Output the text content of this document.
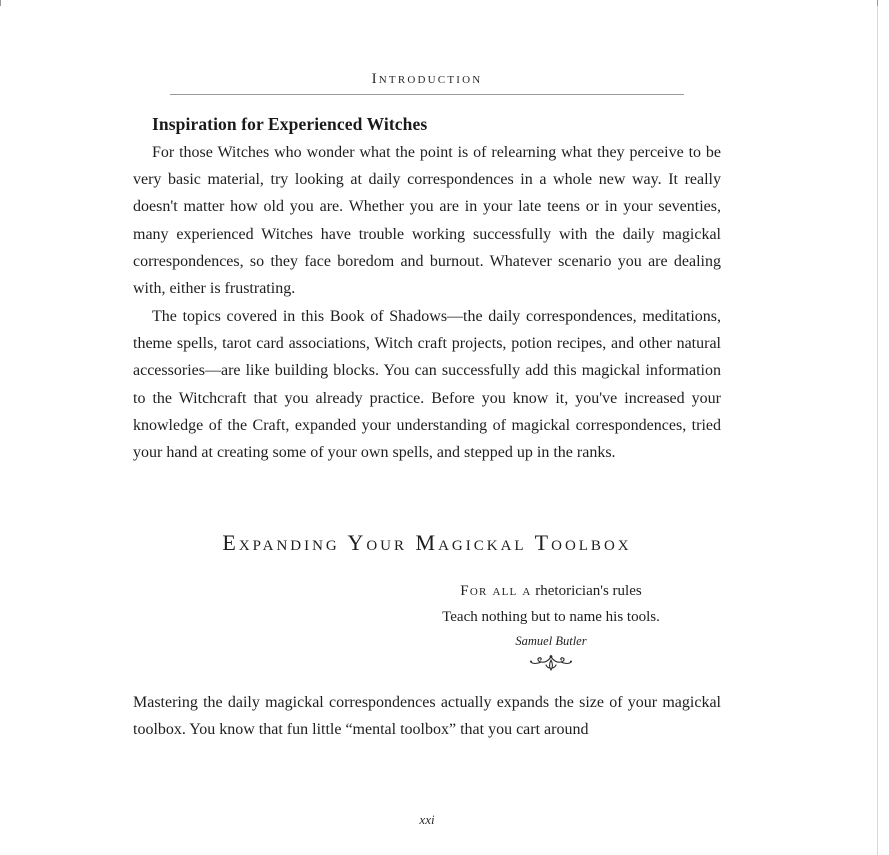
Introduction
Inspiration for Experienced Witches

For those Witches who wonder what the point is of relearning what they perceive to be very basic material, try looking at daily correspondences in a whole new way. It really doesn't matter how old you are. Whether you are in your late teens or in your seventies, many experienced Witches have trouble working successfully with the daily magickal correspondences, so they face boredom and burnout. Whatever scenario you are dealing with, either is frustrating.

The topics covered in this Book of Shadows—the daily correspondences, meditations, theme spells, tarot card associations, Witch craft projects, potion recipes, and other natural accessories—are like building blocks. You can successfully add this magickal information to the Witchcraft that you already practice. Before you know it, you've increased your knowledge of the Craft, expanded your understanding of magickal correspondences, tried your hand at creating some of your own spells, and stepped up in the ranks.

Expanding Your Magickal Toolbox
For all a rhetorician's rules
Teach nothing but to name his tools.
Samuel Butler

Mastering the daily magickal correspondences actually expands the size of your magickal toolbox. You know that fun little “mental toolbox” that you cart around

xxi
